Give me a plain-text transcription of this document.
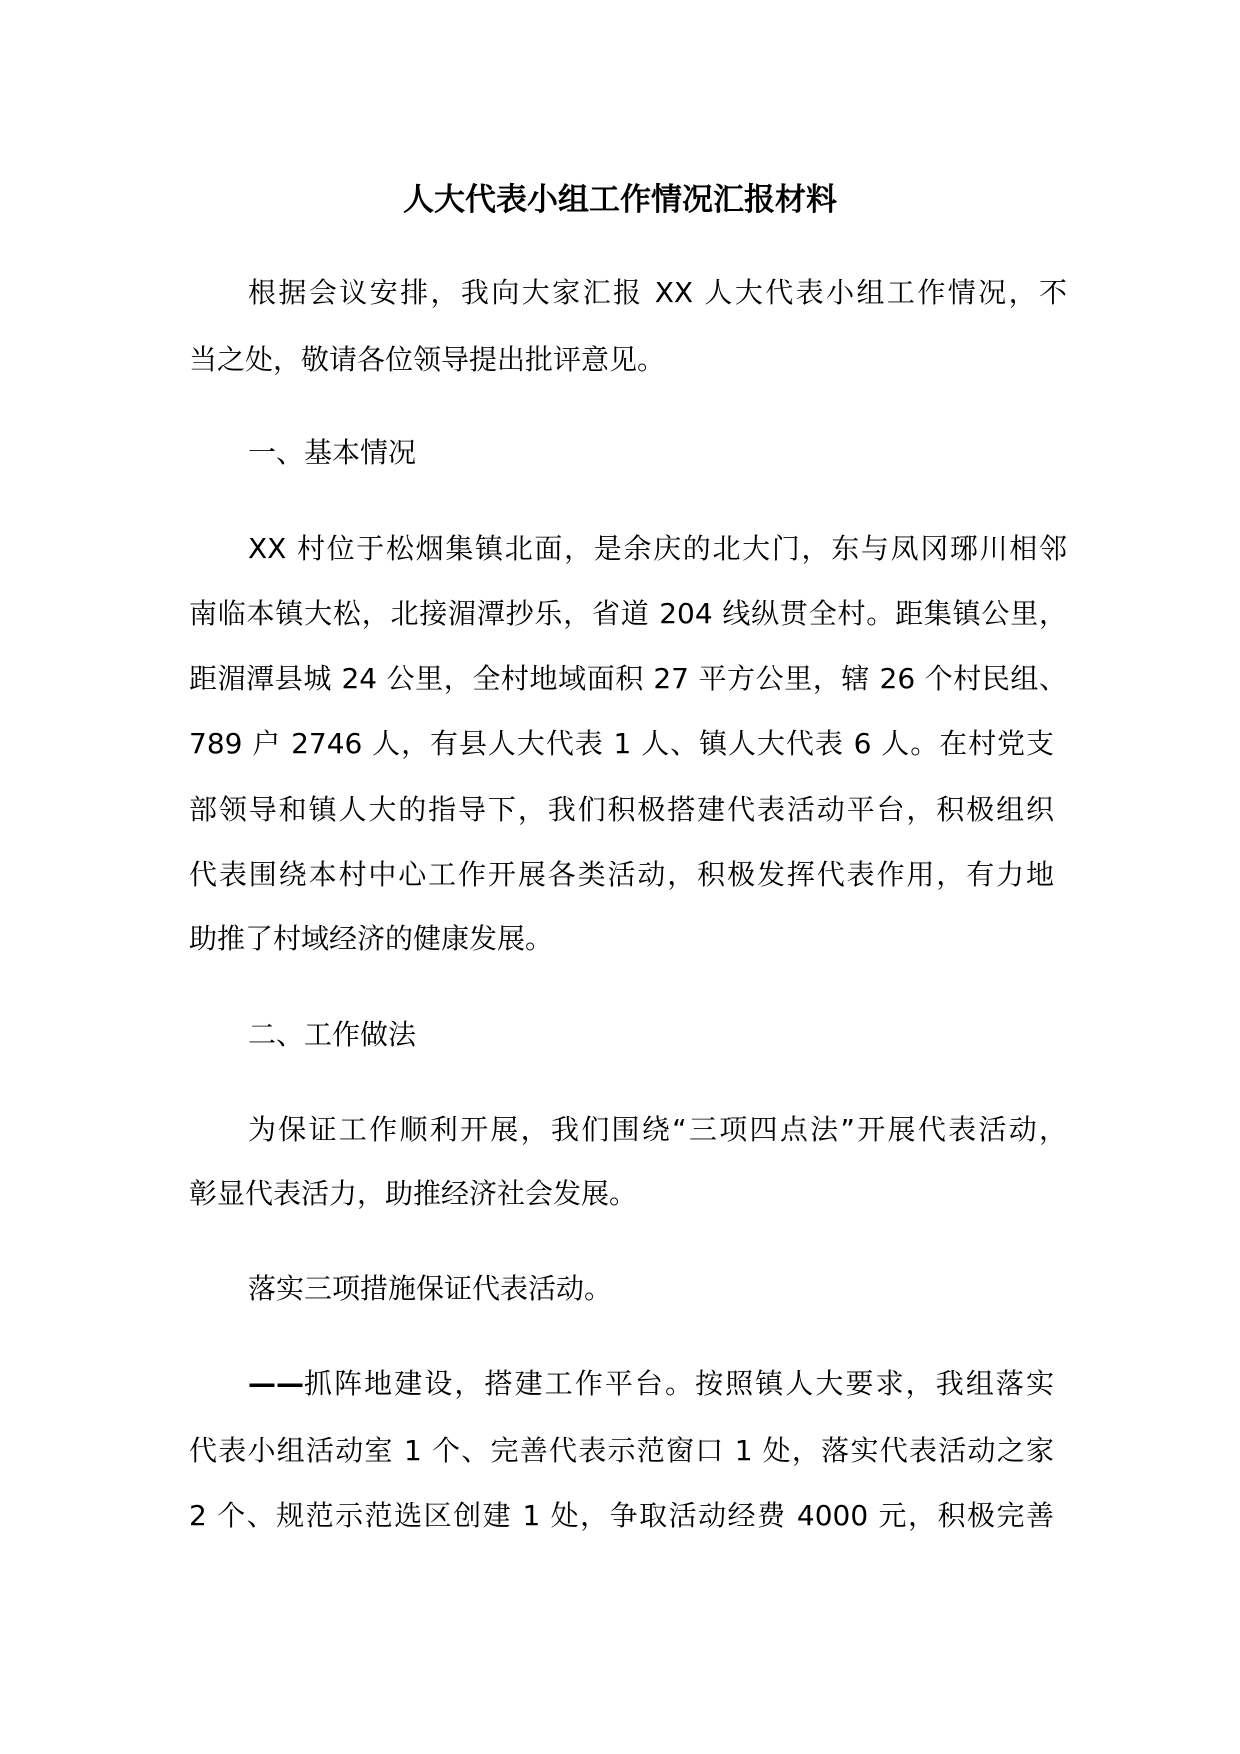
人大代表小组工作情况汇报材料
根据会议安排，我向大家汇报 XX 人大代表小组工作情况，不
当之处，敬请各位领导提出批评意见。
一、基本情况
XX 村位于松烟集镇北面，是余庆的北大门，东与凤冈琊川相邻
南临本镇大松，北接湄潭抄乐，省道 204 线纵贯全村。距集镇公里，
距湄潭县城 24 公里，全村地域面积 27 平方公里，辖 26 个村民组、
789 户 2746 人，有县人大代表 1 人、镇人大代表 6 人。在村党支
部领导和镇人大的指导下，我们积极搭建代表活动平台，积极组织
代表围绕本村中心工作开展各类活动，积极发挥代表作用，有力地
助推了村域经济的健康发展。
二、工作做法
为保证工作顺利开展，我们围绕“三项四点法”开展代表活动，
彰显代表活力，助推经济社会发展。
落实三项措施保证代表活动。
—— 抓阵地建设，搭建工作平台。按照镇人大要求，我组落实
代表小组活动室 1 个、完善代表示范窗口 1 处，落实代表活动之家
2 个、规范示范选区创建 1 处，争取活动经费 4000 元，积极完善
